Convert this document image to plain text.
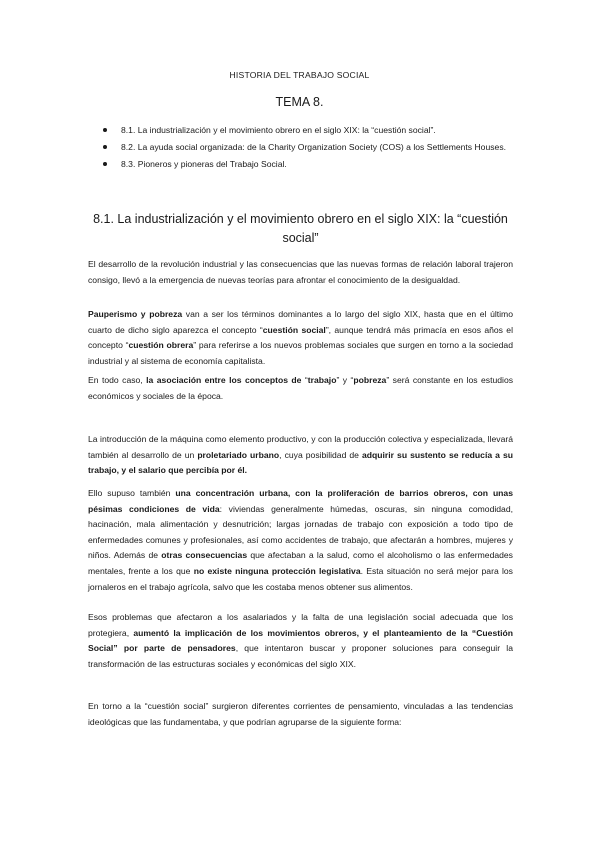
HISTORIA DEL TRABAJO SOCIAL
TEMA 8.
8.1. La industrialización y el movimiento obrero en el siglo XIX: la “cuestión social”.
8.2. La ayuda social organizada: de la Charity Organization Society (COS) a los Settlements Houses.
8.3. Pioneros y pioneras del Trabajo Social.
8.1. La industrialización y el movimiento obrero en el siglo XIX: la “cuestión social”

El desarrollo de la revolución industrial y las consecuencias que las nuevas formas de relación laboral trajeron consigo, llevó a la emergencia de nuevas teorías para afrontar el conocimiento de la desigualdad.

Pauperismo y pobreza van a ser los términos dominantes a lo largo del siglo XIX, hasta que en el último cuarto de dicho siglo aparezca el concepto “cuestión social”, aunque tendrá más primacía en esos años el concepto “cuestión obrera” para referirse a los nuevos problemas sociales que surgen en torno a la sociedad industrial y al sistema de economía capitalista.

En todo caso, la asociación entre los conceptos de “trabajo” y “pobreza” será constante en los estudios económicos y sociales de la época.

La introducción de la máquina como elemento productivo, y con la producción colectiva y especializada, llevará también al desarrollo de un proletariado urbano, cuya posibilidad de adquirir su sustento se reducía a su trabajo, y el salario que percibía por él.

Ello supuso también una concentración urbana, con la proliferación de barrios obreros, con unas pésimas condiciones de vida: viviendas generalmente húmedas, oscuras, sin ninguna comodidad, hacinación, mala alimentación y desnutrición; largas jornadas de trabajo con exposición a todo tipo de enfermedades comunes y profesionales, así como accidentes de trabajo, que afectarán a hombres, mujeres y niños. Además de otras consecuencias que afectaban a la salud, como el alcoholismo o las enfermedades mentales, frente a los que no existe ninguna protección legislativa. Esta situación no será mejor para los jornaleros en el trabajo agrícola, salvo que les costaba menos obtener sus alimentos.

Esos problemas que afectaron a los asalariados y la falta de una legislación social adecuada que los protegiera, aumentó la implicación de los movimientos obreros, y el planteamiento de la “Cuestión Social” por parte de pensadores, que intentaron buscar y proponer soluciones para conseguir la transformación de las estructuras sociales y económicas del siglo XIX.

En torno a la “cuestión social” surgieron diferentes corrientes de pensamiento, vinculadas a las tendencias ideológicas que las fundamentaba, y que podrían agruparse de la siguiente forma:
